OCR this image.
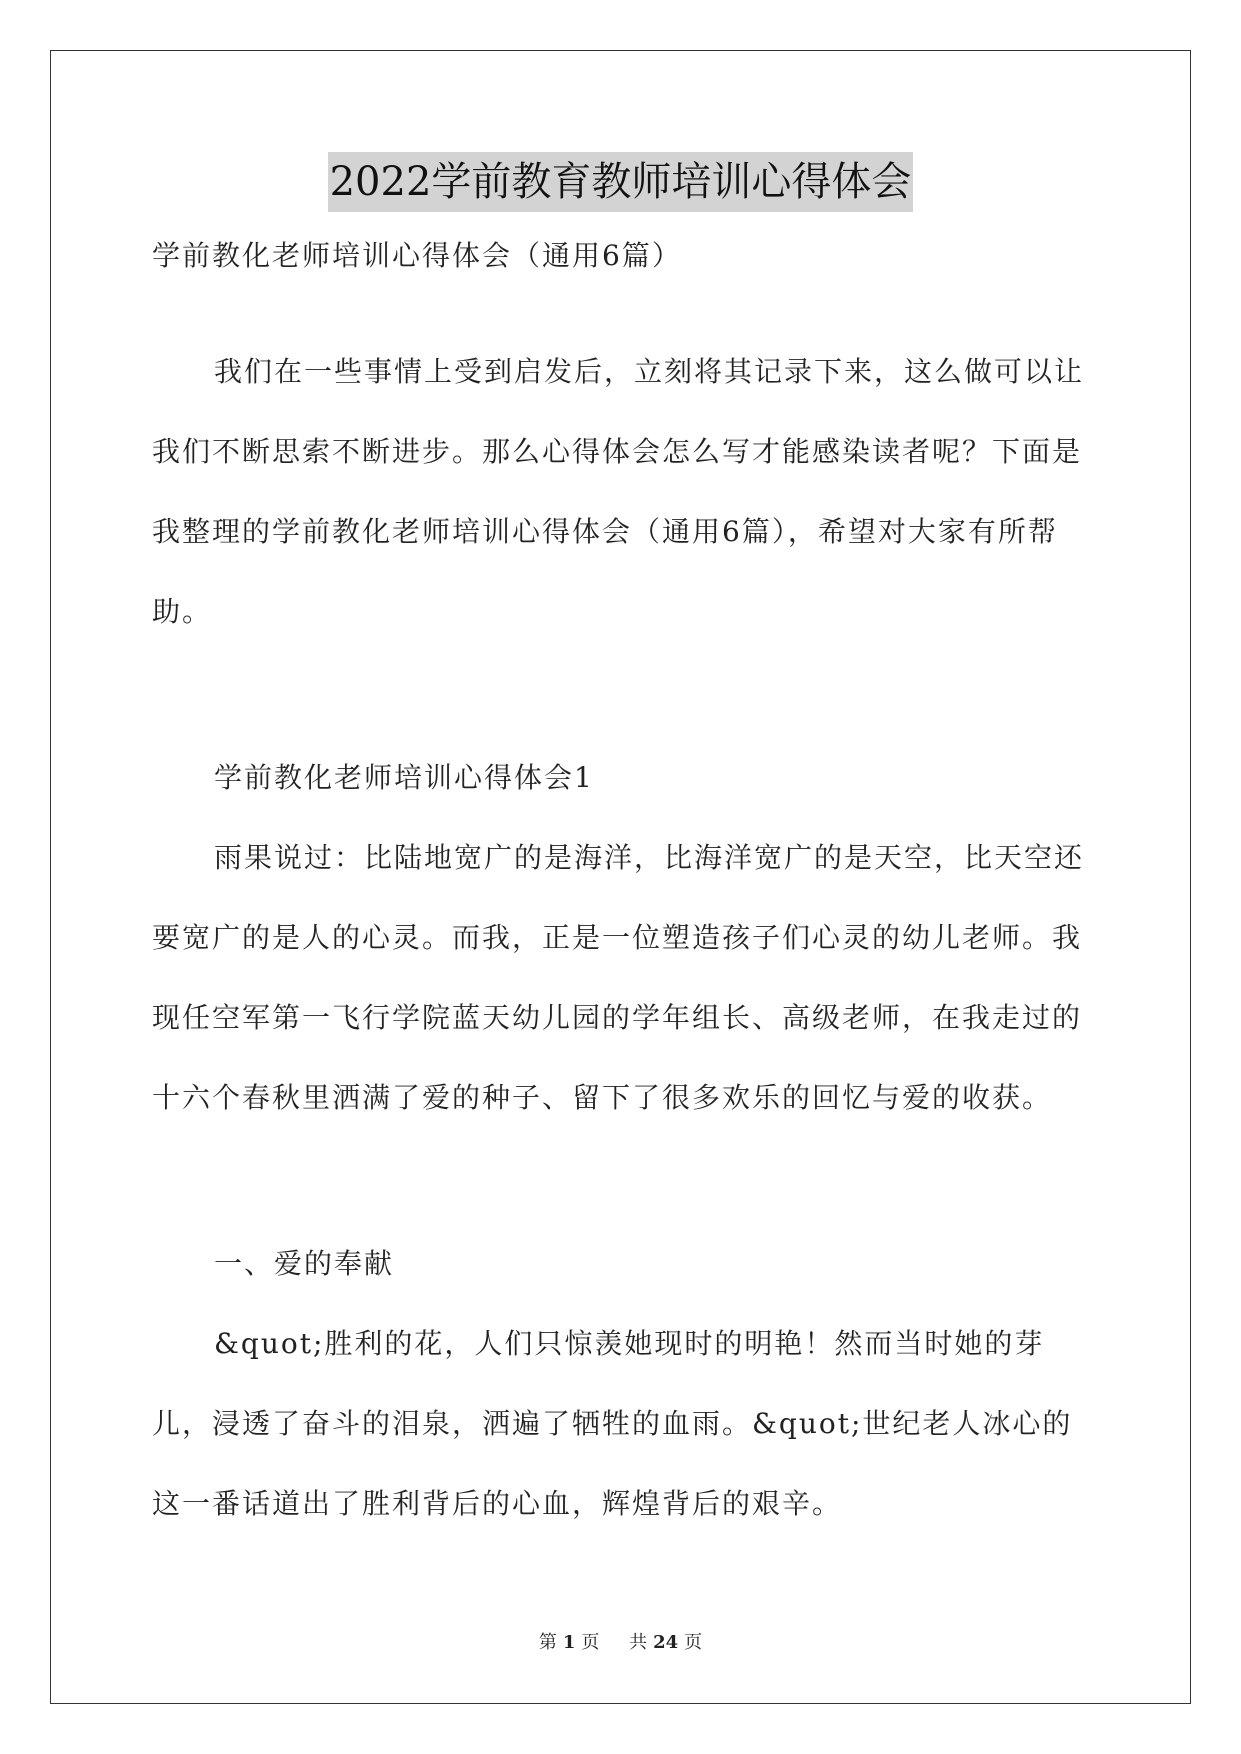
2022学前教育教师培训心得体会
学前教化老师培训心得体会（通用6篇）

我们在一些事情上受到启发后，立刻将其记录下来，这么做可以让我们不断思索不断进步。那么心得体会怎么写才能感染读者呢？下面是我整理的学前教化老师培训心得体会（通用6篇），希望对大家有所帮助。

学前教化老师培训心得体会1

雨果说过：比陆地宽广的是海洋，比海洋宽广的是天空，比天空还要宽广的是人的心灵。而我，正是一位塑造孩子们心灵的幼儿老师。我现任空军第一飞行学院蓝天幼儿园的学年组长、高级老师，在我走过的十六个春秋里洒满了爱的种子、留下了很多欢乐的回忆与爱的收获。

一、爱的奉献

&quot;胜利的花，人们只惊羡她现时的明艳！然而当时她的芽儿，浸透了奋斗的泪泉，洒遍了牺牲的血雨。&quot;世纪老人冰心的这一番话道出了胜利背后的心血，辉煌背后的艰辛。

第 1 页 共 24 页
